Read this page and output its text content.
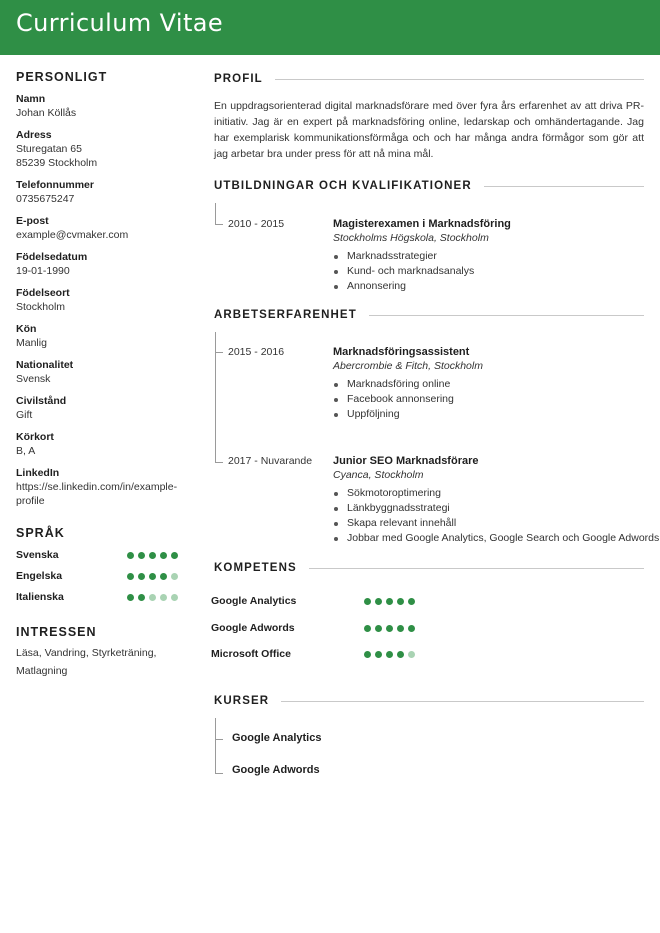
Curriculum Vitae
PERSONLIGT
Namn
Johan Köllås
Adress
Sturegatan 65
85239 Stockholm
Telefonnummer
0735675247
E-post
example@cvmaker.com
Födelsedatum
19-01-1990
Födelseort
Stockholm
Kön
Manlig
Nationalitet
Svensk
Civilstånd
Gift
Körkort
B, A
LinkedIn
https://se.linkedin.com/in/example-
profile
SPRÅK
Svenska
Engelska
Italienska
INTRESSEN
Läsa, Vandring, Styrketräning,
Matlagning
PROFIL
En uppdragsorienterad digital marknadsförare med över fyra års erfarenhet av att driva PR-initiativ. Jag är en expert på marknadsföring online, ledarskap och omhändertagande. Jag har exemplarisk kommunikationsförmåga och och har många andra förmågor som gör att jag arbetar bra under press för att nå mina mål.
UTBILDNINGAR OCH KVALIFIKATIONER
2010 - 2015	Magisterexamen i Marknadsföring
Stockholms Högskola, Stockholm
Marknadsstrategier
Kund- och marknadsanalys
Annonsering
ARBETSERFARENHET
2015 - 2016	Marknadsföringsassistent
Abercrombie & Fitch, Stockholm
Marknadsföring online
Facebook annonsering
Uppföljning
2017 - Nuvarande Junior SEO Marknadsförare
Cyanca, Stockholm
Sökmotoroptimering
Länkbyggnadsstrategi
Skapa relevant innehåll
Jobbar med Google Analytics, Google Search och Google Adwords
KOMPETENS
Google Analytics
Google Adwords
Microsoft Office
KURSER
Google Analytics
Google Adwords
